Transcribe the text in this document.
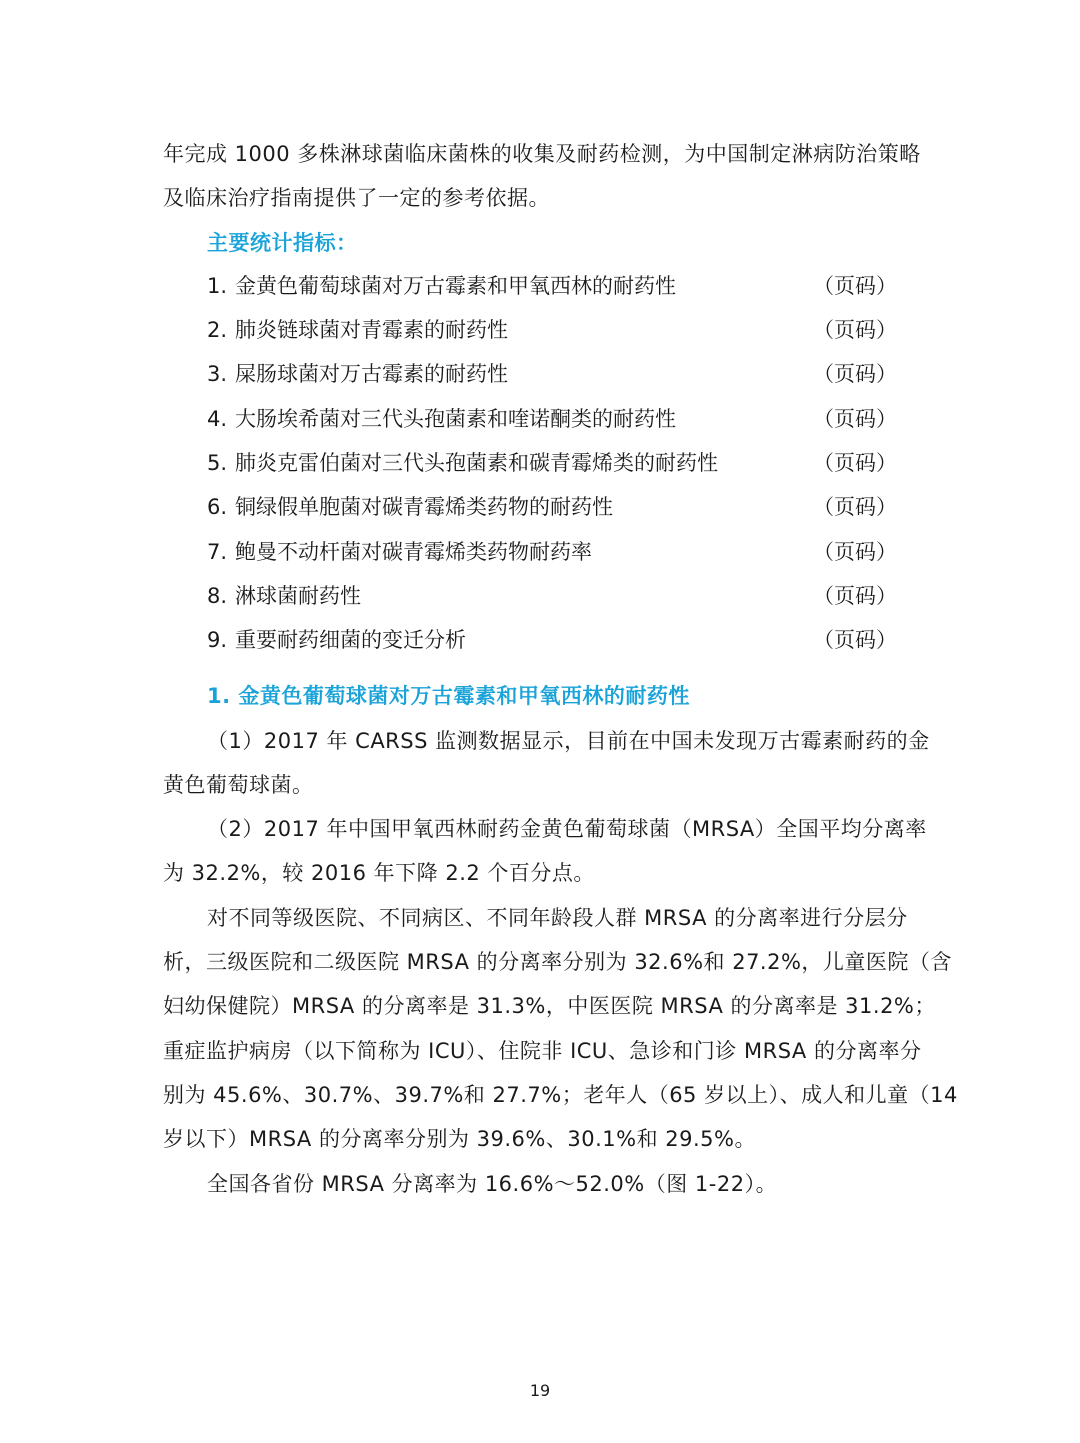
年完成 1000 多株淋球菌临床菌株的收集及耐药检测，为中国制定淋病防治策略
及临床治疗指南提供了一定的参考依据。
主要统计指标：
1. 金黄色葡萄球菌对万古霉素和甲氧西林的耐药性	（页码）
2. 肺炎链球菌对青霉素的耐药性	（页码）
3. 屎肠球菌对万古霉素的耐药性	（页码）
4. 大肠埃希菌对三代头孢菌素和喹诺酮类的耐药性	（页码）
5. 肺炎克雷伯菌对三代头孢菌素和碳青霉烯类的耐药性	（页码）
6. 铜绿假单胞菌对碳青霉烯类药物的耐药性	（页码）
7. 鲍曼不动杆菌对碳青霉烯类药物耐药率	（页码）
8. 淋球菌耐药性	（页码）
9. 重要耐药细菌的变迁分析	（页码）
1. 金黄色葡萄球菌对万古霉素和甲氧西林的耐药性
（1）2017 年 CARSS 监测数据显示，目前在中国未发现万古霉素耐药的金
黄色葡萄球菌。
（2）2017 年中国甲氧西林耐药金黄色葡萄球菌（MRSA）全国平均分离率
为 32.2%，较 2016 年下降 2.2 个百分点。
对不同等级医院、不同病区、不同年龄段人群 MRSA 的分离率进行分层分
析，三级医院和二级医院 MRSA 的分离率分别为 32.6%和 27.2%，儿童医院（含
妇幼保健院）MRSA 的分离率是 31.3%，中医医院 MRSA 的分离率是 31.2%；
重症监护病房（以下简称为 ICU）、住院非 ICU、急诊和门诊 MRSA 的分离率分
别为 45.6%、30.7%、39.7%和 27.7%；老年人（65 岁以上）、成人和儿童（14
岁以下）MRSA 的分离率分别为 39.6%、30.1%和 29.5%。
全国各省份 MRSA 分离率为 16.6%～52.0%（图 1-22）。
19
